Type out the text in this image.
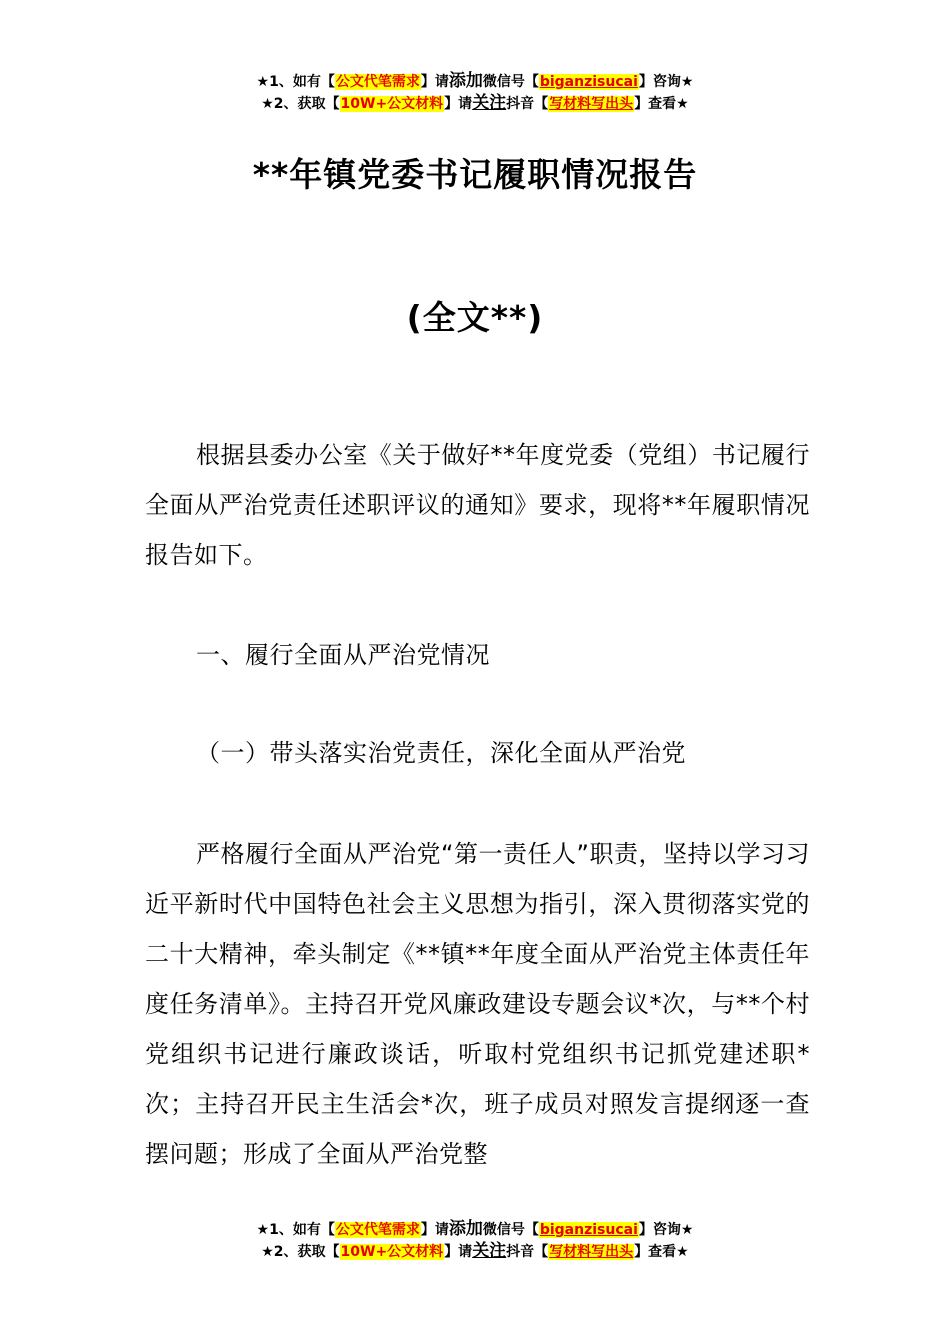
★1、如有【公文代笔需求】请添加微信号【biganzisucai】咨询★
★2、获取【10W+公文材料】请关注抖音【写材料写出头】查看★
**年镇党委书记履职情况报告
(全文**)
根据县委办公室《关于做好**年度党委（党组）书记履行全面从严治党责任述职评议的通知》要求，现将**年履职情况报告如下。
一、履行全面从严治党情况
（一）带头落实治党责任，深化全面从严治党
严格履行全面从严治党“第一责任人”职责，坚持以学习习近平新时代中国特色社会主义思想为指引，深入贯彻落实党的二十大精神，牵头制定《**镇**年度全面从严治党主体责任年度任务清单》。主持召开党风廉政建设专题会议*次，与**个村党组织书记进行廉政谈话，听取村党组织书记抓党建述职*次；主持召开民主生活会*次，班子成员对照发言提纲逐一查摆问题；形成了全面从严治党整
★1、如有【公文代笔需求】请添加微信号【biganzisucai】咨询★
★2、获取【10W+公文材料】请关注抖音【写材料写出头】查看★
